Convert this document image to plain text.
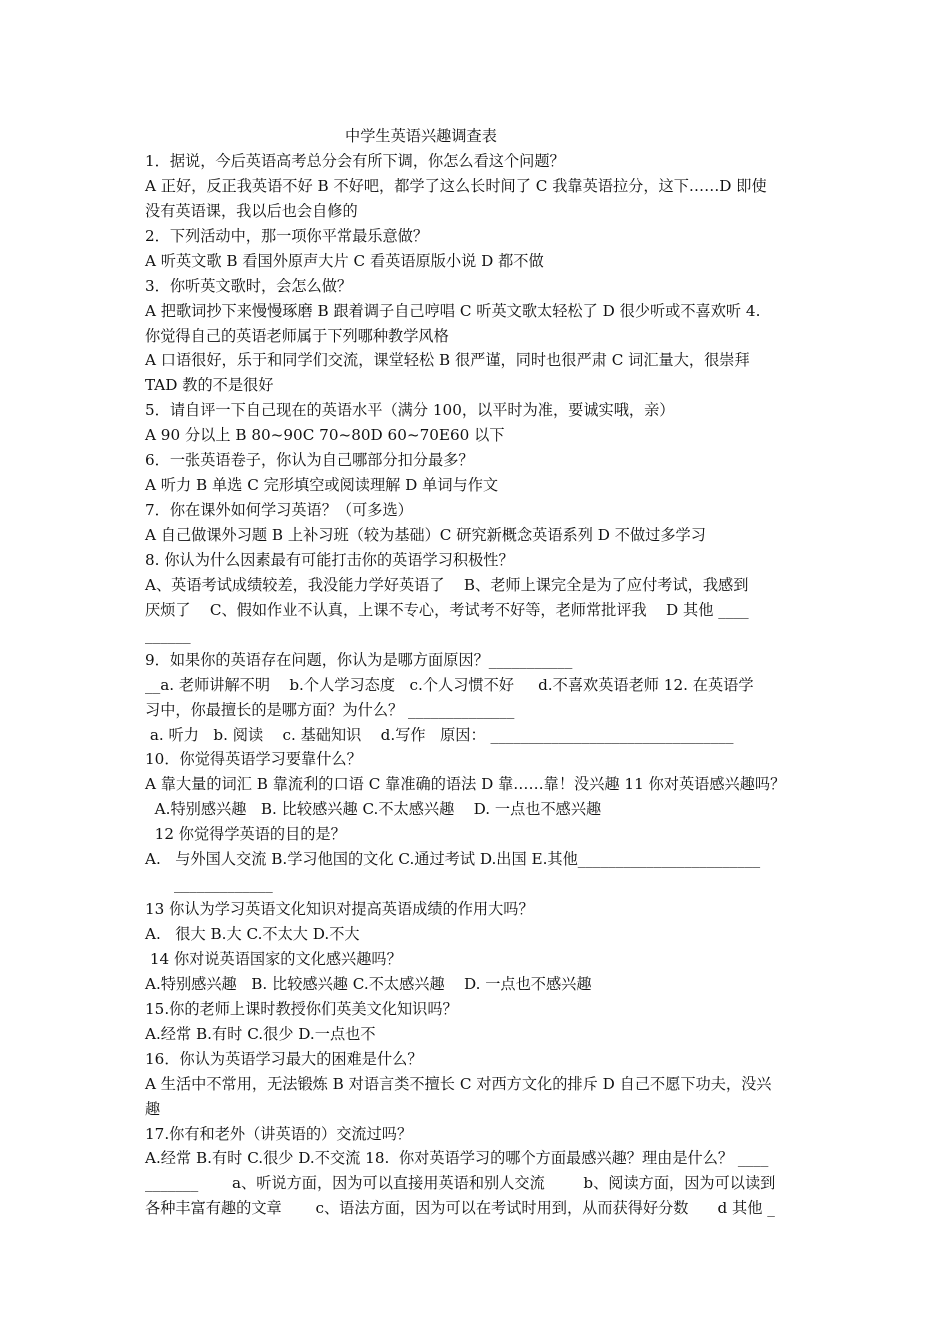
中学生英语兴趣调查表
1．据说，今后英语高考总分会有所下调，你怎么看这个问题？
A 正好，反正我英语不好 B 不好吧，都学了这么长时间了 C 我靠英语拉分，这下……D 即使
没有英语课，我以后也会自修的
2．下列活动中，那一项你平常最乐意做？
A 听英文歌 B 看国外原声大片 C 看英语原版小说 D 都不做
3．你听英文歌时，会怎么做？
A 把歌词抄下来慢慢琢磨 B 跟着调子自己哼唱 C 听英文歌太轻松了 D 很少听或不喜欢听 4.
你觉得自己的英语老师属于下列哪种教学风格
A 口语很好，乐于和同学们交流，课堂轻松 B 很严谨，同时也很严肃 C 词汇量大，很崇拜
TAD 教的不是很好
5．请自评一下自己现在的英语水平（满分 100，以平时为准，要诚实哦，亲）
A 90 分以上 B 80~90C 70~80D 60~70E60 以下
6．一张英语卷子，你认为自己哪部分扣分最多？
A 听力 B 单选 C 完形填空或阅读理解 D 单词与作文
7．你在课外如何学习英语？（可多选）
A 自己做课外习题 B 上补习班（较为基础）C 研究新概念英语系列 D 不做过多学习
8. 你认为什么因素最有可能打击你的英语学习积极性？
A、英语考试成绩较差，我没能力学好英语了    B、老师上课完全是为了应付考试，我感到
厌烦了    C、假如作业不认真，上课不专心，考试考不好等，老师常批评我    D 其他 ____
______
9．如果你的英语存在问题，你认为是哪方面原因？___________
__a. 老师讲解不明    b.个人学习态度   c.个人习惯不好     d.不喜欢英语老师 12. 在英语学
习中，你最擅长的是哪方面？为什么？ ______________
a. 听力   b. 阅读    c. 基础知识    d.写作   原因： ________________________________
10．你觉得英语学习要靠什么？
A 靠大量的词汇 B 靠流利的口语 C 靠准确的语法 D 靠……靠！没兴趣 11 你对英语感兴趣吗？
A.特别感兴趣   B. 比较感兴趣 C.不太感兴趣    D. 一点也不感兴趣
12 你觉得学英语的目的是？
A.   与外国人交流 B.学习他国的文化 C.通过考试 D.出国 E.其他________________________
_____________
13 你认为学习英语文化知识对提高英语成绩的作用大吗？
A.   很大 B.大 C.不太大 D.不大
14 你对说英语国家的文化感兴趣吗？
A.特别感兴趣   B. 比较感兴趣 C.不太感兴趣    D. 一点也不感兴趣
15.你的老师上课时教授你们英美文化知识吗？
A.经常 B.有时 C.很少 D.一点也不
16．你认为英语学习最大的困难是什么？
A 生活中不常用，无法锻炼 B 对语言类不擅长 C 对西方文化的排斥 D 自己不愿下功夫，没兴
趣
17.你有和老外（讲英语的）交流过吗？
A.经常 B.有时 C.很少 D.不交流 18.  你对英语学习的哪个方面最感兴趣？理由是什么？ ____
_______       a、听说方面，因为可以直接用英语和别人交流        b、阅读方面，因为可以读到
各种丰富有趣的文章       c、语法方面，因为可以在考试时用到，从而获得好分数      d 其他 _
